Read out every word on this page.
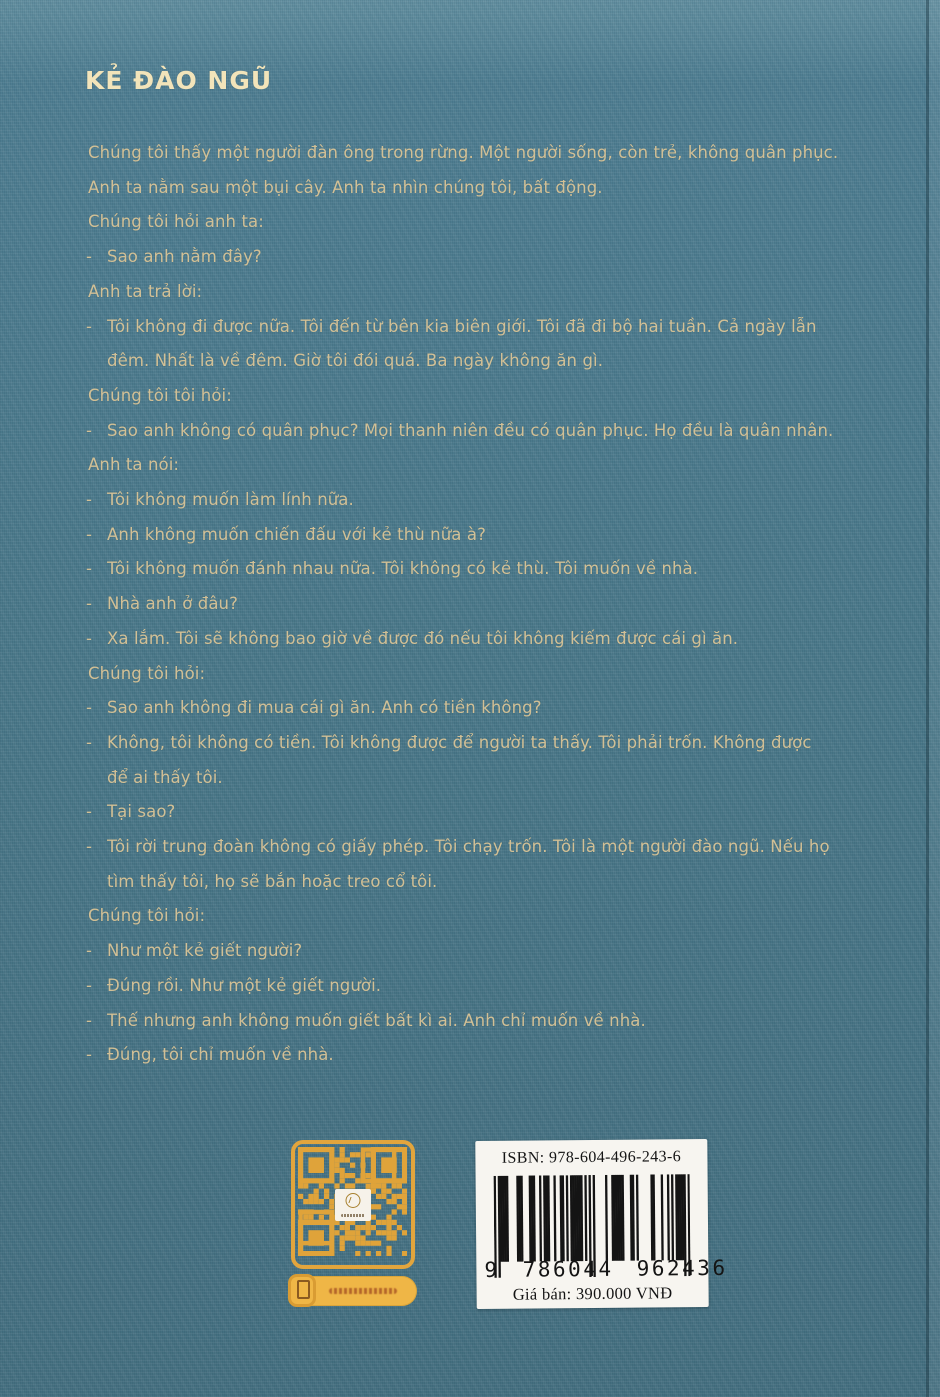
KẺ ĐÀO NGŨ
Chúng tôi thấy một người đàn ông trong rừng. Một người sống, còn trẻ, không quân phục.
Anh ta nằm sau một bụi cây. Anh ta nhìn chúng tôi, bất động.
Chúng tôi hỏi anh ta:
- Sao anh nằm đây?
Anh ta trả lời:
- Tôi không đi được nữa. Tôi đến từ bên kia biên giới. Tôi đã đi bộ hai tuần. Cả ngày lẫn
đêm. Nhất là về đêm. Giờ tôi đói quá. Ba ngày không ăn gì.
Chúng tôi tôi hỏi:
- Sao anh không có quân phục? Mọi thanh niên đều có quân phục. Họ đều là quân nhân.
Anh ta nói:
- Tôi không muốn làm lính nữa.
- Anh không muốn chiến đấu với kẻ thù nữa à?
- Tôi không muốn đánh nhau nữa. Tôi không có kẻ thù. Tôi muốn về nhà.
- Nhà anh ở đâu?
- Xa lắm. Tôi sẽ không bao giờ về được đó nếu tôi không kiếm được cái gì ăn.
Chúng tôi hỏi:
- Sao anh không đi mua cái gì ăn. Anh có tiền không?
- Không, tôi không có tiền. Tôi không được để người ta thấy. Tôi phải trốn. Không được
để ai thấy tôi.
- Tại sao?
- Tôi rời trung đoàn không có giấy phép. Tôi chạy trốn. Tôi là một người đào ngũ. Nếu họ
tìm thấy tôi, họ sẽ bắn hoặc treo cổ tôi.
Chúng tôi hỏi:
- Như một kẻ giết người?
- Đúng rồi. Như một kẻ giết người.
- Thế nhưng anh không muốn giết bất kì ai. Anh chỉ muốn về nhà.
- Đúng, tôi chỉ muốn về nhà.
ISBN: 978-604-496-243-6
9 786044 962436
Giá bán: 390.000 VNĐ
